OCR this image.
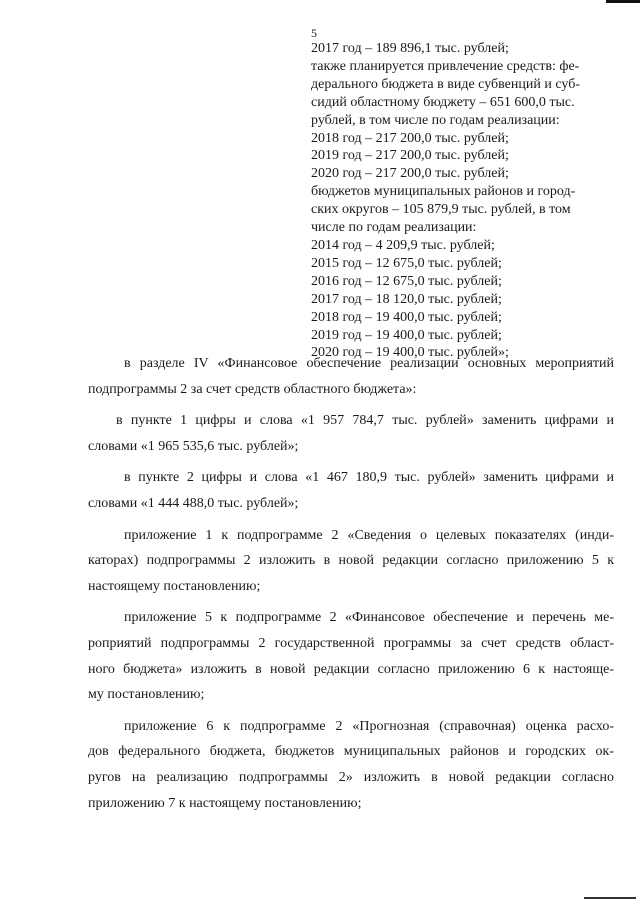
5
2017 год – 189 896,1 тыс. рублей;
также планируется привлечение средств: фе-
дерального бюджета в виде субвенций и суб-
сидий областному бюджету – 651 600,0 тыс.
рублей, в том числе по годам реализации:
2018 год – 217 200,0 тыс. рублей;
2019 год – 217 200,0 тыс. рублей;
2020 год – 217 200,0 тыс. рублей;
бюджетов муниципальных районов и город-
ских округов – 105 879,9 тыс. рублей, в том
числе по годам реализации:
2014 год – 4 209,9 тыс. рублей;
2015 год – 12 675,0 тыс. рублей;
2016 год – 12 675,0 тыс. рублей;
2017 год – 18 120,0 тыс. рублей;
2018 год – 19 400,0 тыс. рублей;
2019 год – 19 400,0 тыс. рублей;
2020 год – 19 400,0 тыс. рублей»;
в разделе IV «Финансовое обеспечение реализации основных мероприятий
подпрограммы 2 за счет средств областного бюджета»:
в пункте 1 цифры и слова «1 957 784,7 тыс. рублей» заменить цифрами и
словами «1 965 535,6 тыс. рублей»;
в пункте 2 цифры и слова «1 467 180,9 тыс. рублей» заменить цифрами и
словами «1 444 488,0 тыс. рублей»;
приложение 1 к подпрограмме 2 «Сведения о целевых показателях (инди-
каторах) подпрограммы 2 изложить в новой редакции согласно приложению 5 к
настоящему постановлению;
приложение 5 к подпрограмме 2 «Финансовое обеспечение и перечень ме-
роприятий подпрограммы 2 государственной программы за счет средств област-
ного бюджета» изложить в новой редакции согласно приложению 6 к настояще-
му постановлению;
приложение 6 к подпрограмме 2 «Прогнозная (справочная) оценка расхо-
дов федерального бюджета, бюджетов муниципальных районов и городских ок-
ругов на реализацию подпрограммы 2» изложить в новой редакции согласно
приложению 7 к настоящему постановлению;
